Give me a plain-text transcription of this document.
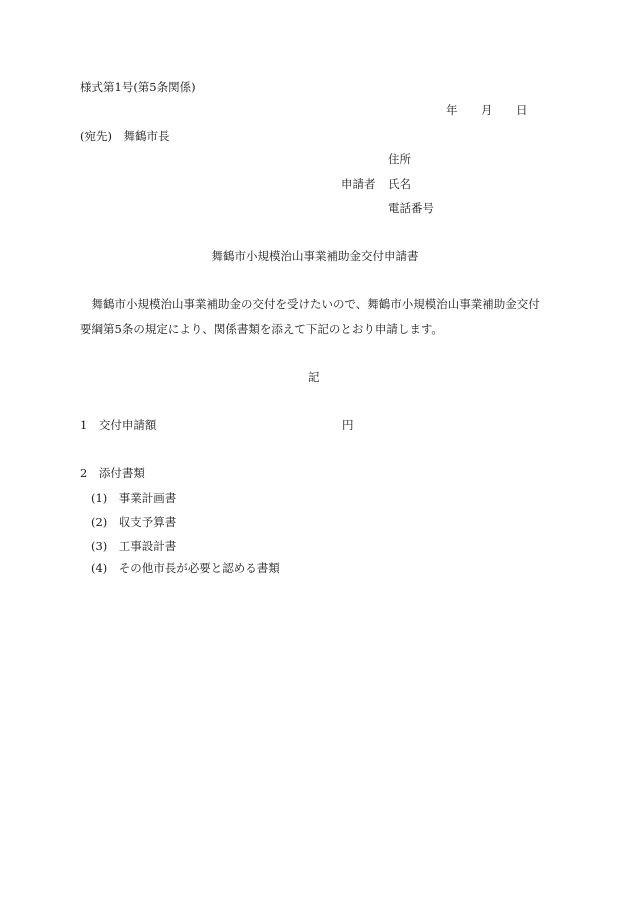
様式第1号(第5条関係)
年 月 日
(宛先)　舞鶴市長
住所
申請者 氏名
電話番号
舞鶴市小規模治山事業補助金交付申請書
　舞鶴市小規模治山事業補助金の交付を受けたいので、舞鶴市小規模治山事業補助金交付
要綱第5条の規定により、関係書類を添えて下記のとおり申請します。
記
1　交付申請額	円
2　添付書類
(1)　事業計画書
(2)　収支予算書
(3)　工事設計書
(4)　その他市長が必要と認める書類
